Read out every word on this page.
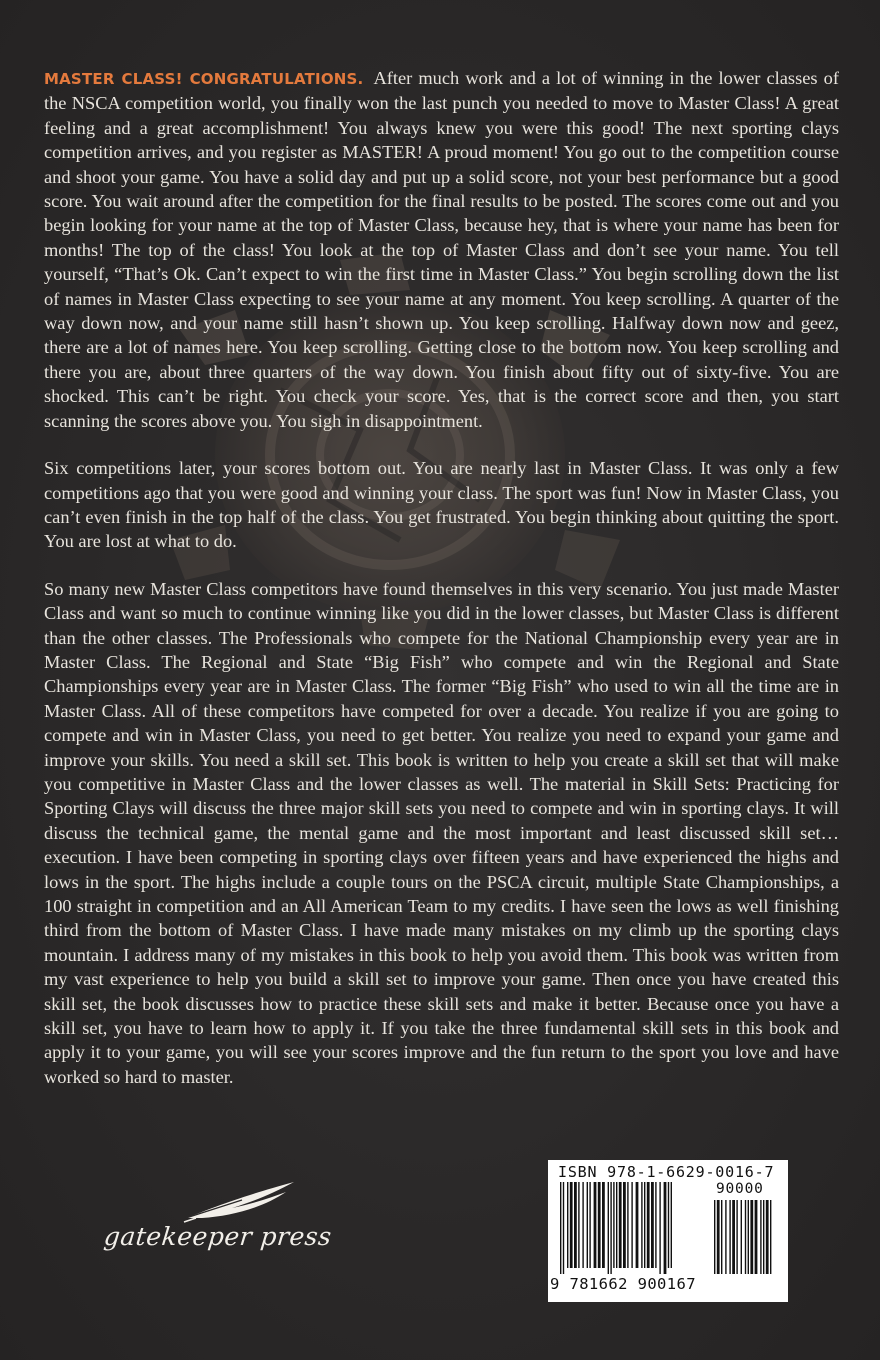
MASTER CLASS! CONGRATULATIONS. After much work and a lot of winning in the lower classes of the NSCA competition world, you finally won the last punch you needed to move to Master Class! A great feeling and a great accomplishment! You always knew you were this good! The next sporting clays competition arrives, and you register as MASTER! A proud moment! You go out to the competition course and shoot your game. You have a solid day and put up a solid score, not your best performance but a good score. You wait around after the competition for the final results to be posted. The scores come out and you begin looking for your name at the top of Master Class, because hey, that is where your name has been for months! The top of the class! You look at the top of Master Class and don’t see your name. You tell yourself, “That’s Ok. Can’t expect to win the first time in Master Class.” You begin scrolling down the list of names in Master Class expecting to see your name at any moment. You keep scrolling. A quarter of the way down now, and your name still hasn’t shown up. You keep scrolling. Halfway down now and geez, there are a lot of names here. You keep scrolling. Getting close to the bottom now. You keep scrolling and there you are, about three quarters of the way down. You finish about fifty out of sixty-five. You are shocked. This can’t be right. You check your score. Yes, that is the correct score and then, you start scanning the scores above you. You sigh in disappointment.

Six competitions later, your scores bottom out. You are nearly last in Master Class. It was only a few competitions ago that you were good and winning your class. The sport was fun! Now in Master Class, you can’t even finish in the top half of the class. You get frustrated. You begin thinking about quitting the sport. You are lost at what to do.

So many new Master Class competitors have found themselves in this very scenario. You just made Master Class and want so much to continue winning like you did in the lower classes, but Master Class is different than the other classes. The Professionals who compete for the National Championship every year are in Master Class. The Regional and State “Big Fish” who compete and win the Regional and State Championships every year are in Master Class. The former “Big Fish” who used to win all the time are in Master Class. All of these competitors have competed for over a decade. You realize if you are going to compete and win in Master Class, you need to get better. You realize you need to expand your game and improve your skills. You need a skill set. This book is written to help you create a skill set that will make you competitive in Master Class and the lower classes as well. The material in Skill Sets: Practicing for Sporting Clays will discuss the three major skill sets you need to compete and win in sporting clays. It will discuss the technical game, the mental game and the most important and least discussed skill set…execution. I have been competing in sporting clays over fifteen years and have experienced the highs and lows in the sport. The highs include a couple tours on the PSCA circuit, multiple State Championships, a 100 straight in competition and an All American Team to my credits. I have seen the lows as well finishing third from the bottom of Master Class. I have made many mistakes on my climb up the sporting clays mountain. I address many of my mistakes in this book to help you avoid them. This book was written from my vast experience to help you build a skill set to improve your game. Then once you have created this skill set, the book discusses how to practice these skill sets and make it better. Because once you have a skill set, you have to learn how to apply it. If you take the three fundamental skill sets in this book and apply it to your game, you will see your scores improve and the fun return to the sport you love and have worked so hard to master.

gatekeeper press
ISBN 978-1-6629-0016-7
90000
9 781662 900167
